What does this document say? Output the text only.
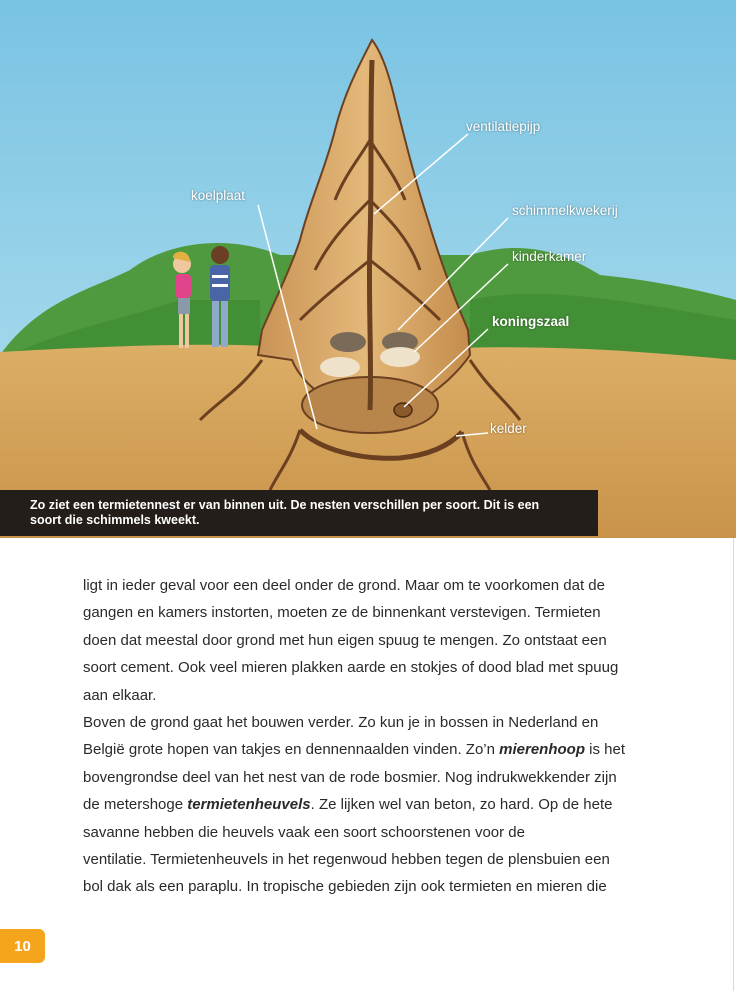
ventilatiepijp
koelplaat
schimmelkwekerij
kinderkamer
koningszaal
kelder
Zo ziet een termietennest er van binnen uit. De nesten verschillen per soort. Dit is een
soort die schimmels kweekt.
ligt in ieder geval voor een deel onder de grond. Maar om te voorkomen dat de
gangen en kamers instorten, moeten ze de binnenkant verstevigen. Termieten
doen dat meestal door grond met hun eigen spuug te mengen. Zo ontstaat een
soort cement. Ook veel mieren plakken aarde en stokjes of dood blad met spuug
aan elkaar.
Boven de grond gaat het bouwen verder. Zo kun je in bossen in Nederland en
België grote hopen van takjes en dennennaalden vinden. Zo’n mierenhoop is het
bovengrondse deel van het nest van de rode bosmier. Nog indrukwekkender zijn
de metershoge termietenheuvels. Ze lijken wel van beton, zo hard. Op de hete
savanne hebben die heuvels vaak een soort schoorstenen voor de
ventilatie. Termietenheuvels in het regenwoud hebben tegen de plensbuien een
bol dak als een paraplu. In tropische gebieden zijn ook termieten en mieren die
10
